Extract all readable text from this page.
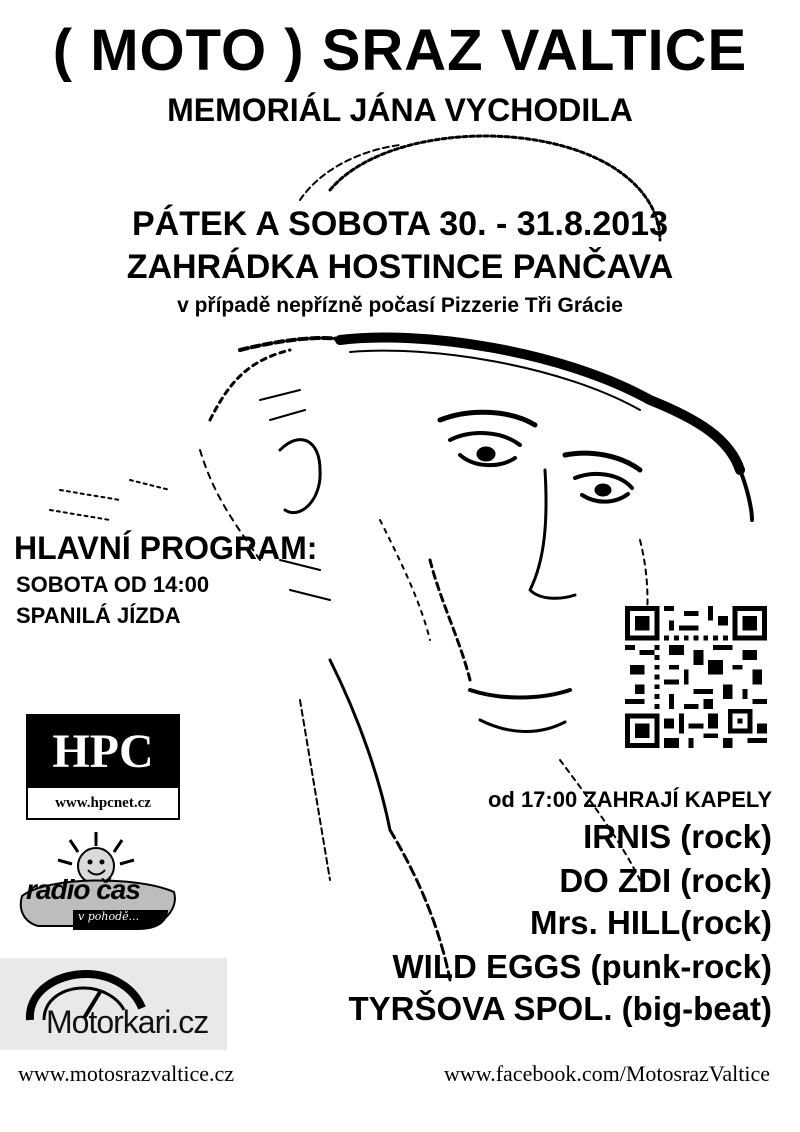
( MOTO ) SRAZ VALTICE
MEMORIÁL JÁNA VYCHODILA
PÁTEK A SOBOTA 30. - 31.8.2013
ZAHRÁDKA HOSTINCE PANČAVA
v případě nepřízně počasí Pizzerie Tři Grácie
HLAVNÍ PROGRAM:
SOBOTA OD 14:00
SPANILÁ JÍZDA
HPC
www.hpcnet.cz
radio čas
v pohodě...
Motorkari.cz
od 17:00 ZAHRAJÍ KAPELY
IRNIS (rock)
DO ZDI (rock)
Mrs. HILL(rock)
WILD EGGS (punk-rock)
TYRŠOVA SPOL. (big-beat)
www.motosrazvaltice.cz	www.facebook.com/MotosrazValtice
